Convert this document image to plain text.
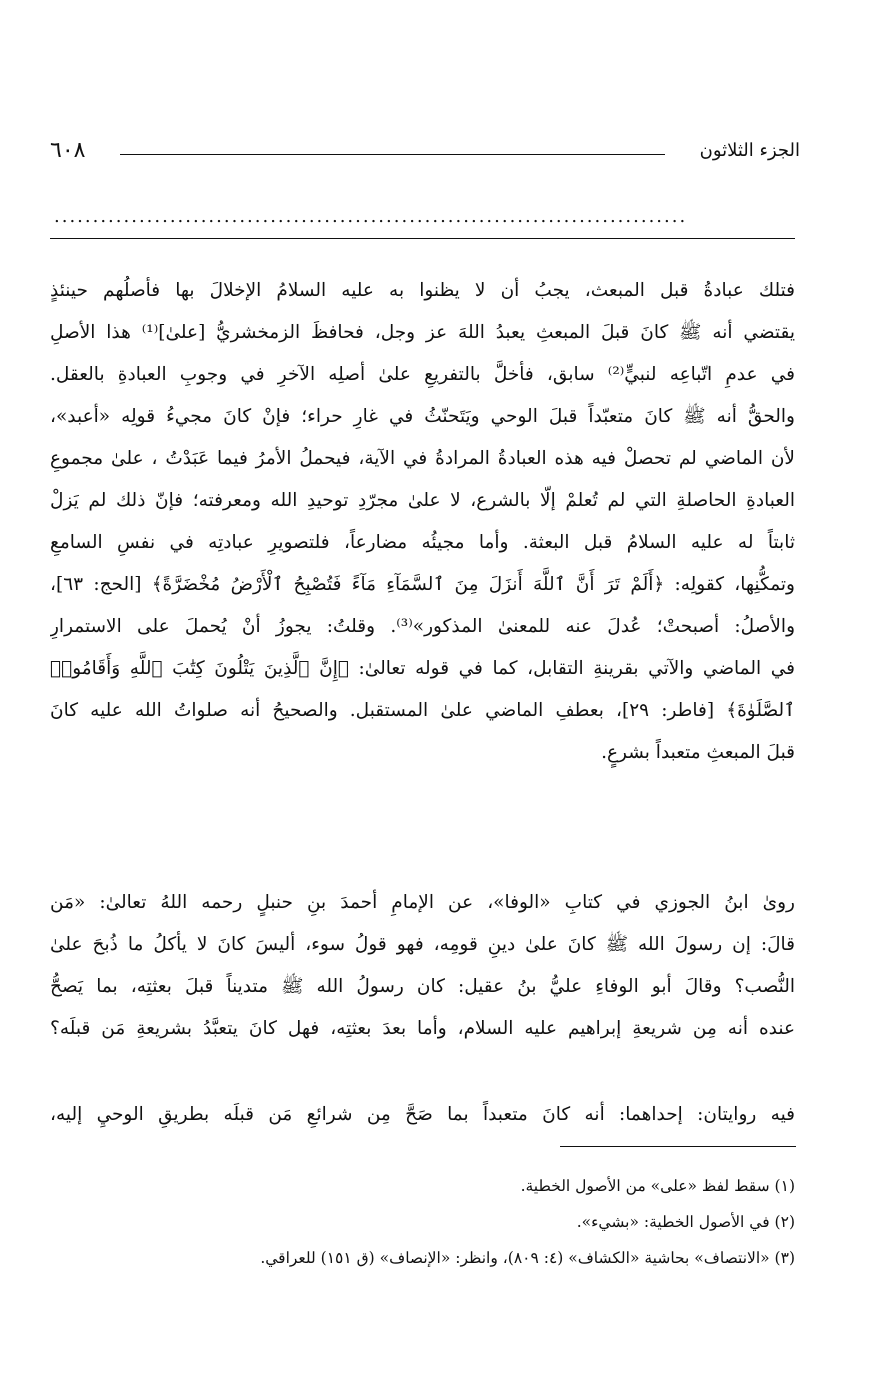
٦٠٨	الجزء الثلاثون
..................................................................................
فتلك عبادةُ قبل المبعث، يجبُ أن لا يظنوا به عليه السلامُ الإخلالَ بها فأصلُهم حينئذٍ
يقتضي أنه ﷺ كانَ قبلَ المبعثِ يعبدُ اللهَ عز وجل، فحافظَ الزمخشريُّ [علىٰ]⁽¹⁾ هذا الأصلِ
في عدمِ اتّباعِه لنبيٍّ⁽²⁾ سابق، فأخلَّ بالتفريعِ علىٰ أصلِه الآخرِ في وجوبِ العبادةِ بالعقل.
والحقُّ أنه ﷺ كانَ متعبّداً قبلَ الوحي ويَتَحنّثُ في غارِ حراء؛ فإنْ كانَ مجيءُ قولِه «أعبد»،
لأن الماضي لم تحصلْ فيه هذه العبادةُ المرادةُ في الآية، فيحملُ الأمرُ فيما عَبَدْتُ ، علىٰ مجموعِ
العبادةِ الحاصلةِ التي لم تُعلمْ إلّا بالشرع، لا علىٰ مجرّدِ توحيدِ الله ومعرفته؛ فإنّ ذلك لم يَزلْ
ثابتاً له عليه السلامُ قبل البعثة. وأما مجيئُه مضارعاً، فلتصويرِ عبادتِه في نفسِ السامعِ
وتمكُّنِها، كقولِه: ﴿أَلَمْ تَرَ أَنَّ ٱللَّهَ أَنزَلَ مِنَ ٱلسَّمَآءِ مَآءً فَتُصْبِحُ ٱلْأَرْضُ مُخْضَرَّةً﴾ [الحج: ٦٣]،
والأصلُ: أصبحتْ؛ عُدلَ عنه للمعنىٰ المذكور»⁽³⁾. وقلتُ: يجوزُ أنْ يُحملَ على الاستمرارِ
في الماضي والآتي بقرينةِ التقابل، كما في قوله تعالىٰ: ﴿إِنَّ ٱلَّذِينَ يَتْلُونَ كِتَٰبَ ٱللَّهِ وَأَقَامُوا۟
ٱلصَّلَوٰةَ﴾ [فاطر: ٢٩]، بعطفِ الماضي علىٰ المستقبل. والصحيحُ أنه صلواتُ الله عليه كانَ
قبلَ المبعثِ متعبداً بشرعٍ.
روىٰ ابنُ الجوزي في كتابِ «الوفا»، عن الإمامِ أحمدَ بنِ حنبلٍ رحمه اللهُ تعالىٰ: «مَن
قالَ: إن رسولَ الله ﷺ كانَ علىٰ دينِ قومِه، فهو قولُ سوء، أليسَ كانَ لا يأكلُ ما ذُبحَ علىٰ
النُّصب؟ وقالَ أبو الوفاءِ عليُّ بنُ عقيل: كان رسولُ الله ﷺ متديناً قبلَ بعثتِه، بما يَصحُّ
عنده أنه مِن شريعةِ إبراهيم عليه السلام، وأما بعدَ بعثتِه، فهل كانَ يتعبَّدُ بشريعةِ مَن قبلَه؟
فيه روايتان: إحداهما: أنه كانَ متعبداً بما صَحَّ مِن شرائعِ مَن قبلَه بطريقِ الوحيِ إليه،
(١) سقط لفظ «على» من الأصول الخطية.
(٢) في الأصول الخطية: «بشيء».
(٣) «الانتصاف» بحاشية «الكشاف» (٤: ٨٠٩)، وانظر: «الإنصاف» (ق ١٥١) للعراقي.
